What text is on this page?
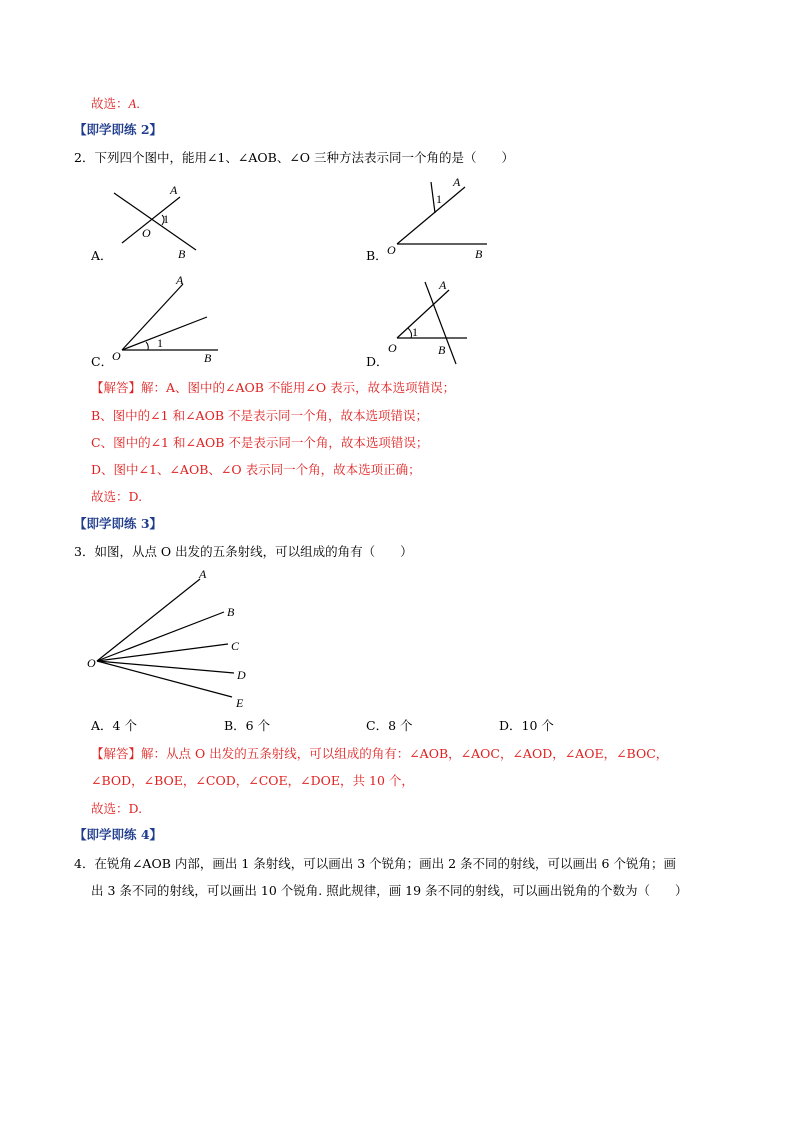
故选：A.
【即学即练 2】
2．下列四个图中，能用∠1、∠AOB、∠O 三种方法表示同一个角的是（　　）
A
1
O
B
A．
A
1
O	B
B．
A
1
O	B
C．
A
1
O	B
D．
【解答】解：A、图中的∠AOB 不能用∠O 表示，故本选项错误；
B、图中的∠1 和∠AOB 不是表示同一个角，故本选项错误；
C、图中的∠1 和∠AOB 不是表示同一个角，故本选项错误；
D、图中∠1、∠AOB、∠O 表示同一个角，故本选项正确；
故选：D.
【即学即练 3】
3．如图，从点 O 出发的五条射线，可以组成的角有（　　）
A
B
C
D
E
O
A．4 个	B．6 个	C．8 个	D．10 个
【解答】解：从点 O 出发的五条射线，可以组成的角有：∠AOB，∠AOC，∠AOD，∠AOE，∠BOC，
∠BOD，∠BOE，∠COD，∠COE，∠DOE，共 10 个，
故选：D.
【即学即练 4】
4．在锐角∠AOB 内部，画出 1 条射线，可以画出 3 个锐角；画出 2 条不同的射线，可以画出 6 个锐角；画
出 3 条不同的射线，可以画出 10 个锐角. 照此规律，画 19 条不同的射线，可以画出锐角的个数为（　　）
